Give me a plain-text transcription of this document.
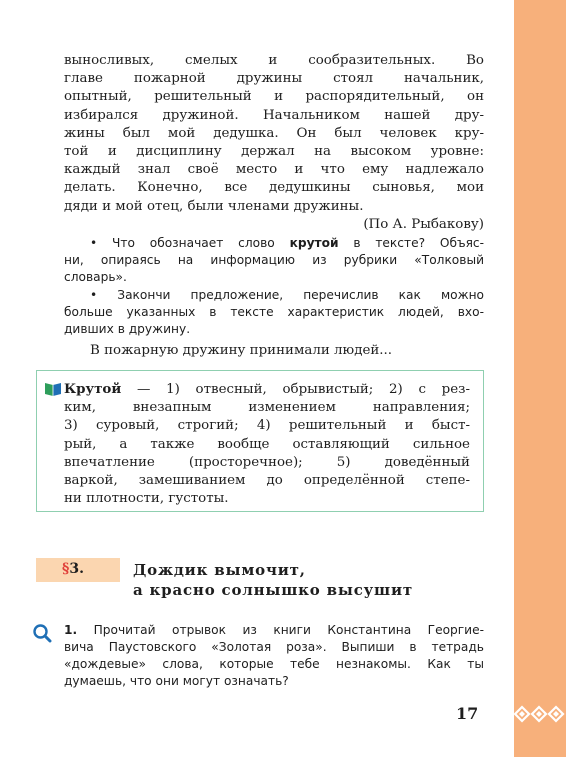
выносливых, смелых и сообразительных. Во
главе пожарной дружины стоял начальник,
опытный, решительный и распорядительный, он
избирался дружиной. Начальником нашей дру-
жины был мой дедушка. Он был человек кру-
той и дисциплину держал на высоком уровне:
каждый знал своё место и что ему надлежало
делать. Конечно, все дедушкины сыновья, мои
дяди и мой отец, были членами дружины.
(По А. Рыбакову)
• Что обозначает слово крутой в тексте? Объяс-
ни, опираясь на информацию из рубрики «Толковый
словарь».
• Закончи предложение, перечислив как можно
больше указанных в тексте характеристик людей, вхо-
дивших в дружину.
В пожарную дружину принимали людей...
Крутой — 1) отвесный, обрывистый; 2) с рез-
ким, внезапным изменением направления;
3) суровый, строгий; 4) решительный и быст-
рый, а также вообще оставляющий сильное
впечатление (просторечное); 5) доведённый
варкой, замешиванием до определённой степе-
ни плотности, густоты.
§3.	Дождик вымочит,
а красно солнышко высушит
1. Прочитай отрывок из книги Константина Георгие-
вича Паустовского «Золотая роза». Выпиши в тетрадь
«дождевые» слова, которые тебе незнакомы. Как ты
думаешь, что они могут означать?
17
